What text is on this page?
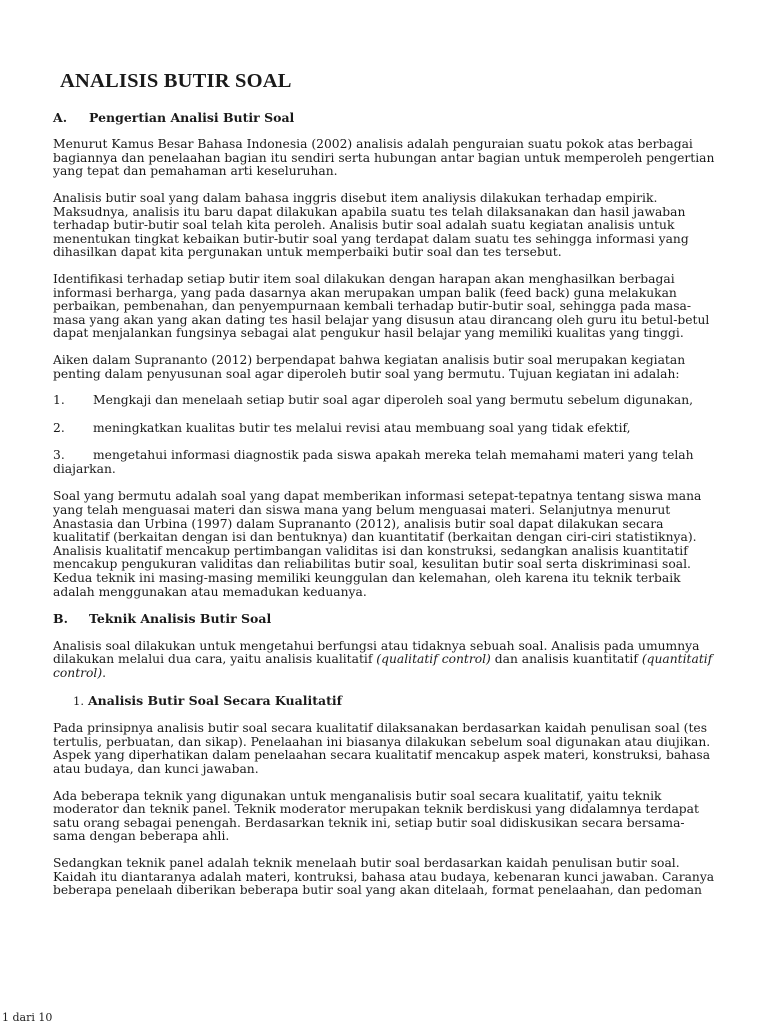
ANALISIS BUTIR SOAL
A. Pengertian Analisi Butir Soal

Menurut Kamus Besar Bahasa Indonesia (2002) analisis adalah penguraian suatu pokok atas berbagai bagiannya dan penelaahan bagian itu sendiri serta hubungan antar bagian untuk memperoleh pengertian yang tepat dan pemahaman arti keseluruhan.

Analisis butir soal yang dalam bahasa inggris disebut item analiysis dilakukan terhadap empirik. Maksudnya, analisis itu baru dapat dilakukan apabila suatu tes telah dilaksanakan dan hasil jawaban terhadap butir-butir soal telah kita peroleh. Analisis butir soal adalah suatu kegiatan analisis untuk menentukan tingkat kebaikan butir-butir soal yang terdapat dalam suatu tes sehingga informasi yang dihasilkan dapat kita pergunakan untuk memperbaiki butir soal dan tes tersebut.

Identifikasi terhadap setiap butir item soal dilakukan dengan harapan akan menghasilkan berbagai informasi berharga, yang pada dasarnya akan merupakan umpan balik (feed back) guna melakukan perbaikan, pembenahan, dan penyempurnaan kembali terhadap butir-butir soal, sehingga pada masa-masa yang akan yang akan dating tes hasil belajar yang disusun atau dirancang oleh guru itu betul-betul dapat menjalankan fungsinya sebagai alat pengukur hasil belajar yang memiliki kualitas yang tinggi.

Aiken dalam Suprananto (2012) berpendapat bahwa kegiatan analisis butir soal merupakan kegiatan penting dalam penyusunan soal agar diperoleh butir soal yang bermutu. Tujuan kegiatan ini adalah:

1. Mengkaji dan menelaah setiap butir soal agar diperoleh soal yang bermutu sebelum digunakan,
2. meningkatkan kualitas butir tes melalui revisi atau membuang soal yang tidak efektif,
3. mengetahui informasi diagnostik pada siswa apakah mereka telah memahami materi yang telah diajarkan.

Soal yang bermutu adalah soal yang dapat memberikan informasi setepat-tepatnya tentang siswa mana yang telah menguasai materi dan siswa mana yang belum menguasai materi. Selanjutnya menurut Anastasia dan Urbina (1997) dalam Suprananto (2012), analisis butir soal dapat dilakukan secara kualitatif (berkaitan dengan isi dan bentuknya) dan kuantitatif (berkaitan dengan ciri-ciri statistiknya). Analisis kualitatif mencakup pertimbangan validitas isi dan konstruksi, sedangkan analisis kuantitatif mencakup pengukuran validitas dan reliabilitas butir soal, kesulitan butir soal serta diskriminasi soal. Kedua teknik ini masing-masing memiliki keunggulan dan kelemahan, oleh karena itu teknik terbaik adalah menggunakan atau memadukan keduanya.

B. Teknik Analisis Butir Soal

Analisis soal dilakukan untuk mengetahui berfungsi atau tidaknya sebuah soal. Analisis pada umumnya dilakukan melalui dua cara, yaitu analisis kualitatif (qualitatif control) dan analisis kuantitatif (quantitatif control).

1. Analisis Butir Soal Secara Kualitatif

Pada prinsipnya analisis butir soal secara kualitatif dilaksanakan berdasarkan kaidah penulisan soal (tes tertulis, perbuatan, dan sikap). Penelaahan ini biasanya dilakukan sebelum soal digunakan atau diujikan. Aspek yang diperhatikan dalam penelaahan secara kualitatif mencakup aspek materi, konstruksi, bahasa atau budaya, dan kunci jawaban.

Ada beberapa teknik yang digunakan untuk menganalisis butir soal secara kualitatif, yaitu teknik moderator dan teknik panel. Teknik moderator merupakan teknik berdiskusi yang didalamnya terdapat satu orang sebagai penengah. Berdasarkan teknik ini, setiap butir soal didiskusikan secara bersama-sama dengan beberapa ahli.

Sedangkan teknik panel adalah teknik menelaah butir soal berdasarkan kaidah penulisan butir soal. Kaidah itu diantaranya adalah materi, kontruksi, bahasa atau budaya, kebenaran kunci jawaban. Caranya beberapa penelaah diberikan beberapa butir soal yang akan ditelaah, format penelaahan, dan pedoman

1 dari 10
